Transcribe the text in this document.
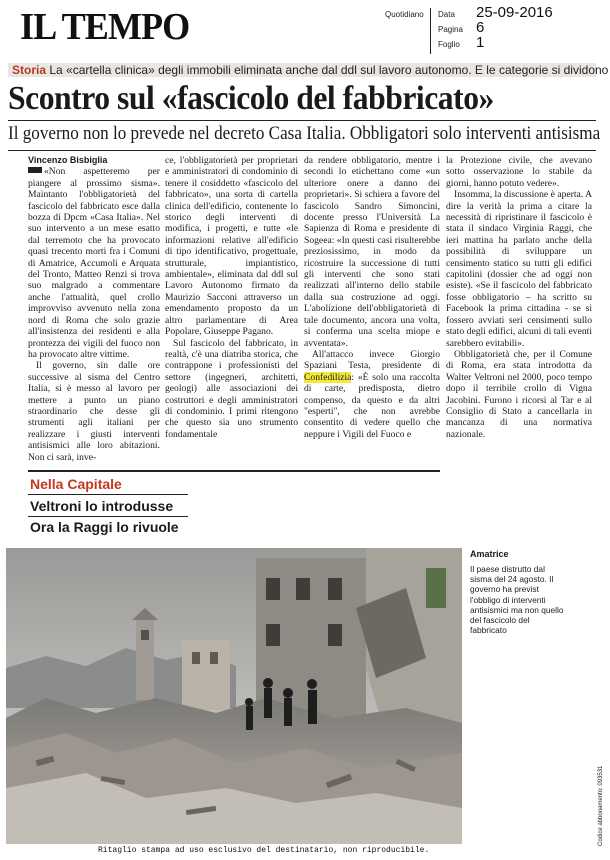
IL TEMPO	Quotidiano Data 25-09-2016
Pagina 6
Foglio 1
Storia La «cartella clinica» degli immobili eliminata anche dal ddl sul lavoro autonomo. E le categorie si dividono
Scontro sul «fascicolo del fabbricato»
Il governo non lo prevede nel decreto Casa Italia. Obbligatori solo interventi antisisma
Vincenzo Bisbiglia

«Non aspetteremo per piangere al prossimo sisma». Maintanto l'obbligatorietà del fascicolo del fabbricato esce dalla bozza di Dpcm «Casa Italia». Nel suo intervento a un mese esatto dal terremoto che ha provocato quasi trecento morti fra i Comuni di Amatrice, Accumoli e Arquata del Tronto, Matteo Renzi si trova suo malgrado a commentare anche l'attualità, quel crollo improvviso avvenuto nella zona nord di Roma che solo grazie all'insistenza dei residenti e alla prontezza dei vigili del fuoco non ha provocato altre vittime.

Il governo, sin dalle ore successive al sisma del Centro Italia, si è messo al lavoro per mettere a punto un piano straordinario che desse gli strumenti agli italiani per realizzare i giusti interventi antisismici alle loro abitazioni. Non ci sarà, inve-

ce, l'obbligatorietà per proprietari e amministratori di condominio di tenere il cosiddetto «fascicolo del fabbricato», una sorta di cartella clinica dell'edificio, contenente lo storico degli interventi di modifica, i progetti, e tutte «le informazioni relative all'edificio di tipo identificativo, progettuale, strutturale, impiantistico, ambientale», eliminata dal ddl sul Lavoro Autonomo firmato da Maurizio Sacconi attraverso un emendamento proposto da un altro parlamentare di Area Popolare, Giuseppe Pagano.

Sul fascicolo del fabbricato, in realtà, c'è una diatriba storica, che contrappone i professionisti del settore (ingegneri, architetti, geologi) alle associazioni dei costruttori e degli amministratori di condominio. I primi ritengono che questo sia uno strumento fondamentale

da rendere obbligatorio, mentre i secondi lo etichettano come «un ulteriore onere a danno dei proprietari». Si schiera a favore del fascicolo Sandro Simoncini, docente presso l'Università La Sapienza di Roma e presidente di Sogeea: «In questi casi risulterebbe preziosissimo, in modo da ricostruire la successione di tutti gli interventi che sono stati realizzati all'interno dello stabile dalla sua costruzione ad oggi. L'abolizione dell'obbligatorietà di tale documento, ancora una volta, si conferma una scelta miope e avventata».

All'attacco invece Giorgio Spaziani Testa, presidente di Confedilizia: «È solo una raccolta di carte, predisposta, dietro compenso, da questo e da altri "esperti", che non avrebbe consentito di vedere quello che neppure i Vigili del Fuoco e

la Protezione civile, che avevano sotto osservazione lo stabile da giorni, hanno potuto vedere».

Insomma, la discussione è aperta. A dire la verità la prima a citare la necessità di ripristinare il fascicolo è stata il sindaco Virginia Raggi, che ieri mattina ha parlato anche della possibilità di sviluppare un censimento statico su tutti gli edifici capitolini (dossier che ad oggi non esiste). «Se il fascicolo del fabbricato fosse obbligatorio – ha scritto su Facebook la prima cittadina - se si fossero avviati seri censimenti sullo stato degli edifici, alcuni di tali eventi sarebbero evitabili».

Obbligatorietà che, per il Comune di Roma, era stata introdotta da Walter Veltroni nel 2000, poco tempo dopo il terribile crollo di Vigna Jacobini. Furono i ricorsi al Tar e al Consiglio di Stato a cancellarla in mancanza di una normativa nazionale.

Nella Capitale
Veltroni lo introdusse
Ora la Raggi lo rivuole
Amatrice
Il paese distrutto dal sisma del 24 agosto. Il governo ha previst l'obbligo di interventi antisismici ma non quello del fascicolo del fabbricato
Codice abbonamento: 093531
Ritaglio stampa ad uso esclusivo del destinatario, non riproducibile.
